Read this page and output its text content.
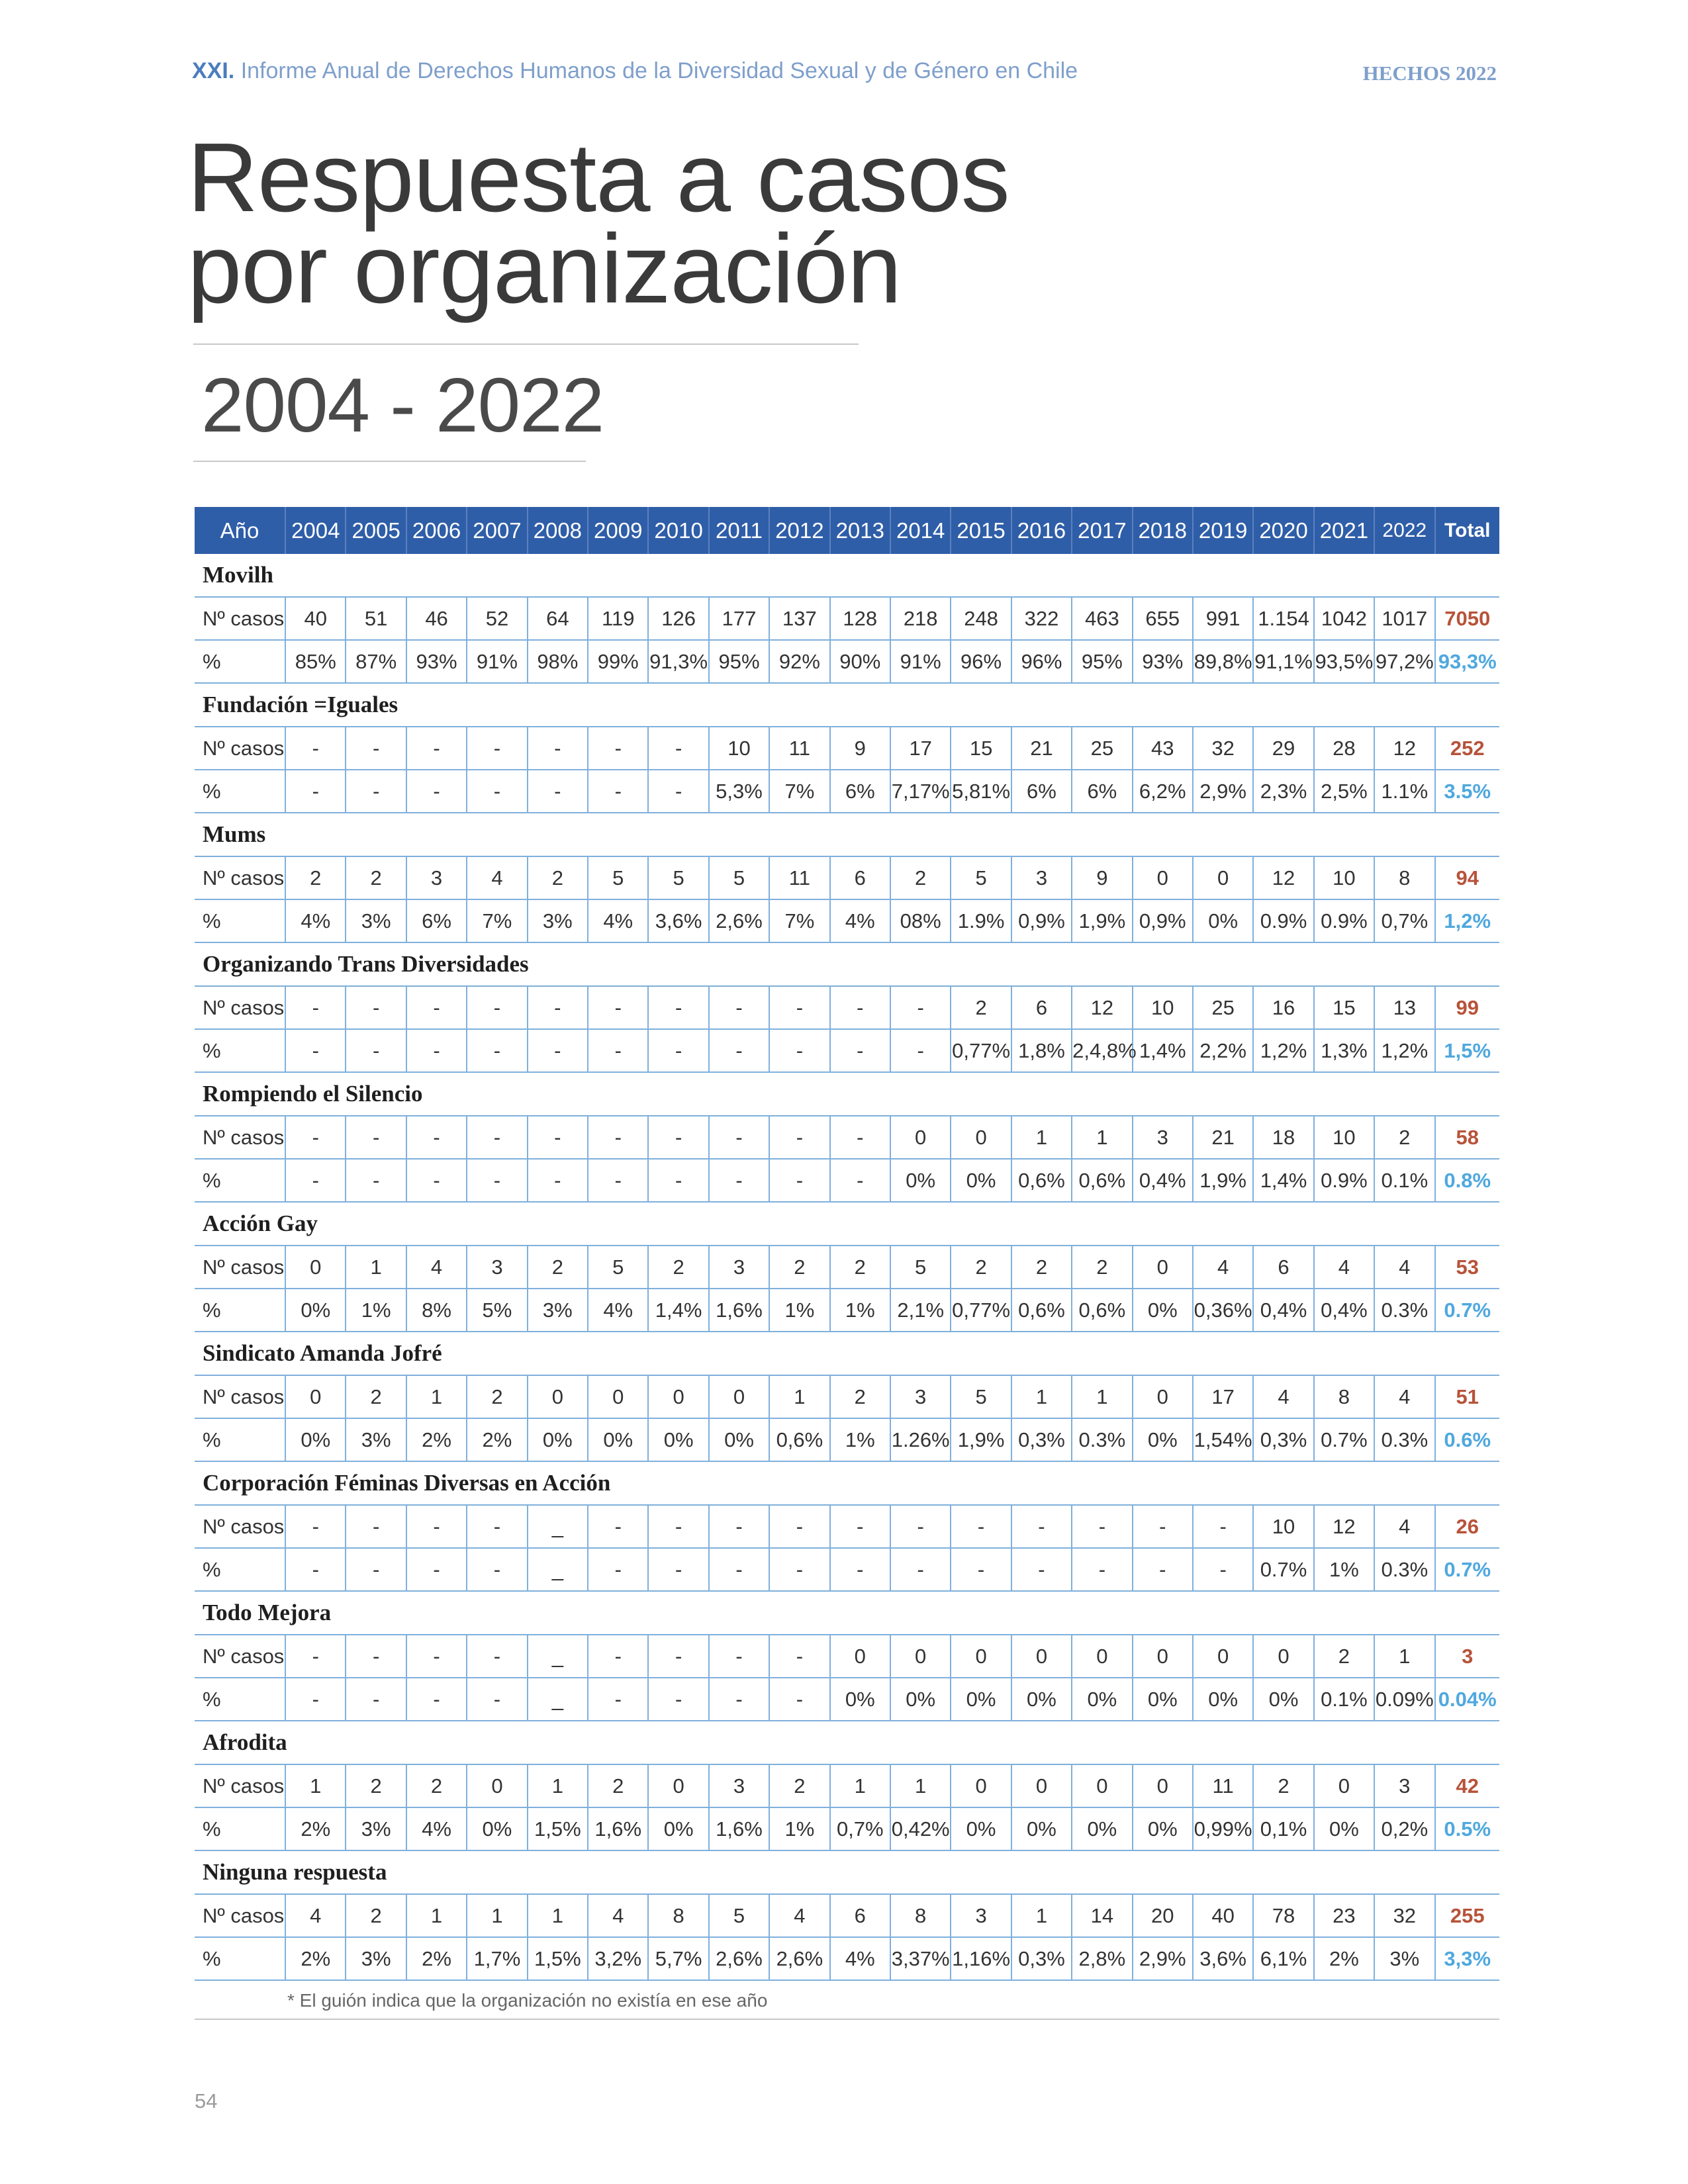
XXI. Informe Anual de Derechos Humanos de la Diversidad Sexual y de Género en Chile	HECHOS 2022
Respuesta a casos
por organización
2004 - 2022
Año	2004	2005	2006	2007	2008	2009	2010	2011	2012	2013	2014	2015	2016	2017	2018	2019	2020	2021	2022	Total
Movilh																				
Nº casos	40	51	46	52	64	119	126	177	137	128	218	248	322	463	655	991	1.154	1042	1017	7050
%	85%	87%	93%	91%	98%	99%	91,3%	95%	92%	90%	91%	96%	96%	95%	93%	89,8%	91,1%	93,5%	97,2%	93,3%
Fundación =Iguales																				
Nº casos	-	-	-	-	-	-	-	10	11	9	17	15	21	25	43	32	29	28	12	252
%	-	-	-	-	-	-	-	5,3%	7%	6%	7,17%	5,81%	6%	6%	6,2%	2,9%	2,3%	2,5%	1.1%	3.5%
Mums																				
Nº casos	2	2	3	4	2	5	5	5	11	6	2	5	3	9	0	0	12	10	8	94
%	4%	3%	6%	7%	3%	4%	3,6%	2,6%	7%	4%	08%	1.9%	0,9%	1,9%	0,9%	0%	0.9%	0.9%	0,7%	1,2%
Organizando Trans Diversidades																				
Nº casos	-	-	-	-	-	-	-	-	-	-	-	2	6	12	10	25	16	15	13	99
%	-	-	-	-	-	-	-	-	-	-	-	0,77%	1,8%	2,4,8%	1,4%	2,2%	1,2%	1,3%	1,2%	1,5%
Rompiendo el Silencio																				
Nº casos	-	-	-	-	-	-	-	-	-	-	0	0	1	1	3	21	18	10	2	58
%	-	-	-	-	-	-	-	-	-	-	0%	0%	0,6%	0,6%	0,4%	1,9%	1,4%	0.9%	0.1%	0.8%
Acción Gay																				
Nº casos	0	1	4	3	2	5	2	3	2	2	5	2	2	2	0	4	6	4	4	53
%	0%	1%	8%	5%	3%	4%	1,4%	1,6%	1%	1%	2,1%	0,77%	0,6%	0,6%	0%	0,36%	0,4%	0,4%	0.3%	0.7%
Sindicato Amanda Jofré																				
Nº casos	0	2	1	2	0	0	0	0	1	2	3	5	1	1	0	17	4	8	4	51
%	0%	3%	2%	2%	0%	0%	0%	0%	0,6%	1%	1.26%	1,9%	0,3%	0.3%	0%	1,54%	0,3%	0.7%	0.3%	0.6%
Corporación Féminas Diversas en Acción																				
Nº casos	-	-	-	-	_	-	-	-	-	-	-	-	-	-	-	-	10	12	4	26
%	-	-	-	-	_	-	-	-	-	-	-	-	-	-	-	-	0.7%	1%	0.3%	0.7%
Todo Mejora																				
Nº casos	-	-	-	-	_	-	-	-	-	0	0	0	0	0	0	0	0	2	1	3
%	-	-	-	-	_	-	-	-	-	0%	0%	0%	0%	0%	0%	0%	0%	0.1%	0.09%	0.04%
Afrodita																				
Nº casos	1	2	2	0	1	2	0	3	2	1	1	0	0	0	0	11	2	0	3	42
%	2%	3%	4%	0%	1,5%	1,6%	0%	1,6%	1%	0,7%	0,42%	0%	0%	0%	0%	0,99%	0,1%	0%	0,2%	0.5%
Ninguna respuesta																				
Nº casos	4	2	1	1	1	4	8	5	4	6	8	3	1	14	20	40	78	23	32	255
%	2%	3%	2%	1,7%	1,5%	3,2%	5,7%	2,6%	2,6%	4%	3,37%	1,16%	0,3%	2,8%	2,9%	3,6%	6,1%	2%	3%	3,3%
* El guión indica que la organización no existía en ese año																				
54
